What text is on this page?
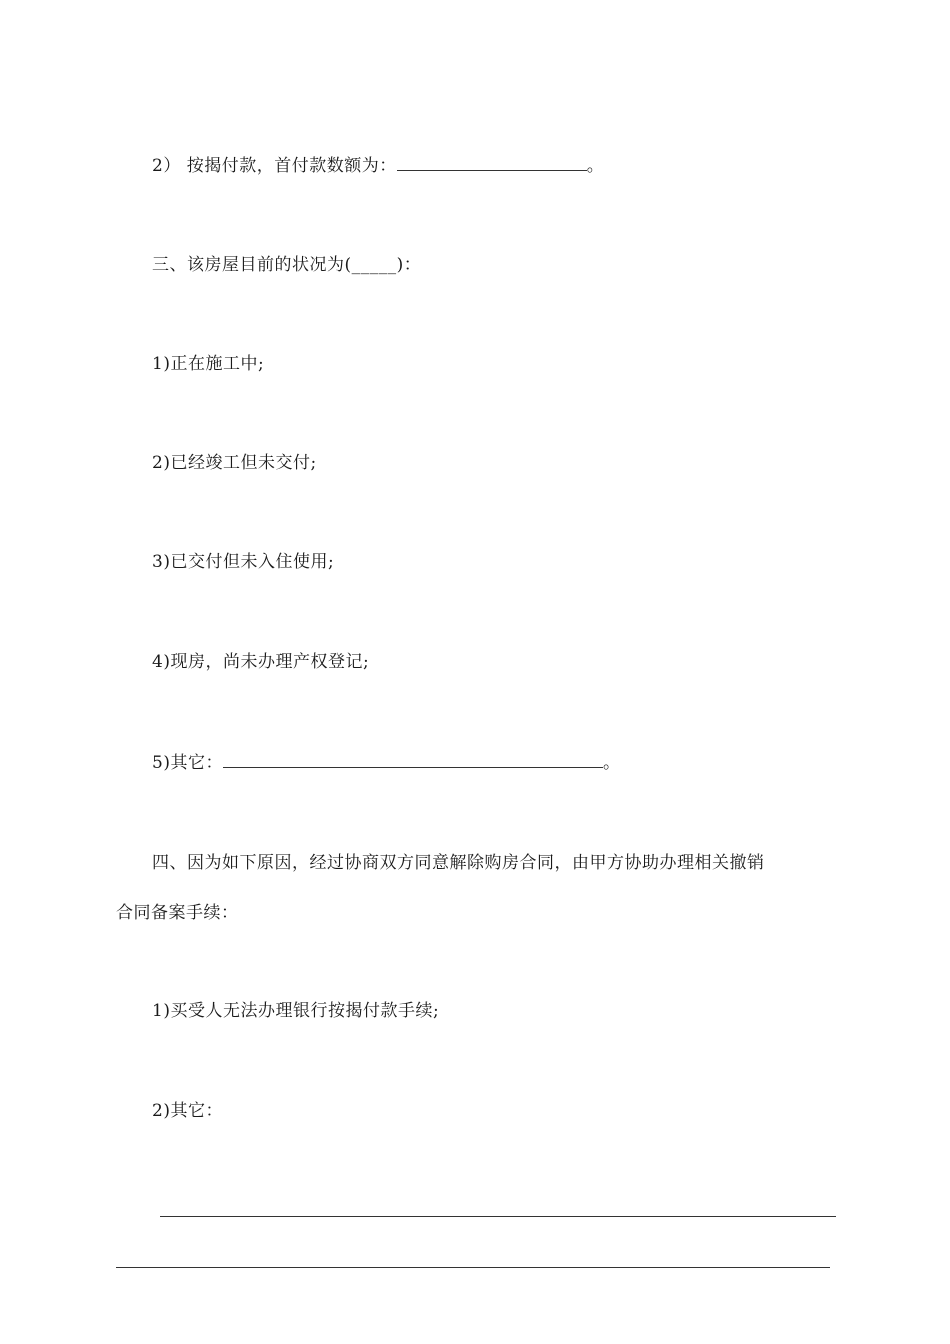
2） 按揭付款，首付款数额为：	。
三、该房屋目前的状况为(_____)：
1)正在施工中;
2)已经竣工但未交付;
3)已交付但未入住使用;
4)现房，尚未办理产权登记;
5)其它：	。
四、因为如下原因，经过协商双方同意解除购房合同，由甲方协助办理相关撤销
合同备案手续：
1)买受人无法办理银行按揭付款手续;
2)其它：
